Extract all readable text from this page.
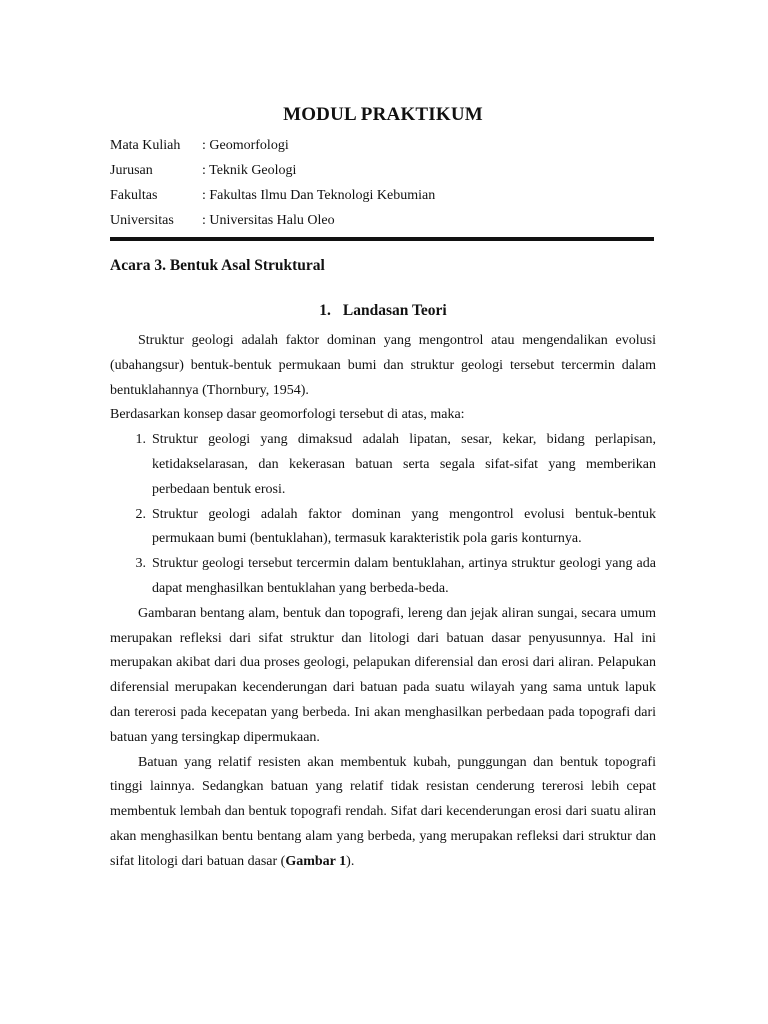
MODUL PRAKTIKUM
Mata Kuliah	: Geomorfologi
Jurusan	: Teknik Geologi
Fakultas	: Fakultas Ilmu Dan Teknologi Kebumian
Universitas	: Universitas Halu Oleo
Acara 3. Bentuk Asal Struktural
1. Landasan Teori

Struktur geologi adalah faktor dominan yang mengontrol atau mengendalikan evolusi (ubahangsur) bentuk-bentuk permukaan bumi dan struktur geologi tersebut tercermin dalam bentuklahannya (Thornbury, 1954).

Berdasarkan konsep dasar geomorfologi tersebut di atas, maka:

1. Struktur geologi yang dimaksud adalah lipatan, sesar, kekar, bidang perlapisan, ketidakselarasan, dan kekerasan batuan serta segala sifat-sifat yang memberikan perbedaan bentuk erosi.
2. Struktur geologi adalah faktor dominan yang mengontrol evolusi bentuk-bentuk permukaan bumi (bentuklahan), termasuk karakteristik pola garis konturnya.
3. Struktur geologi tersebut tercermin dalam bentuklahan, artinya struktur geologi yang ada dapat menghasilkan bentuklahan yang berbeda-beda.

Gambaran bentang alam, bentuk dan topografi, lereng dan jejak aliran sungai, secara umum merupakan refleksi dari sifat struktur dan litologi dari batuan dasar penyusunnya. Hal ini merupakan akibat dari dua proses geologi, pelapukan diferensial dan erosi dari aliran. Pelapukan diferensial merupakan kecenderungan dari batuan pada suatu wilayah yang sama untuk lapuk dan tererosi pada kecepatan yang berbeda. Ini akan menghasilkan perbedaan pada topografi dari batuan yang tersingkap dipermukaan.

Batuan yang relatif resisten akan membentuk kubah, punggungan dan bentuk topografi tinggi lainnya. Sedangkan batuan yang relatif tidak resistan cenderung tererosi lebih cepat membentuk lembah dan bentuk topografi rendah. Sifat dari kecenderungan erosi dari suatu aliran akan menghasilkan bentu bentang alam yang berbeda, yang merupakan refleksi dari struktur dan sifat litologi dari batuan dasar (Gambar 1).
